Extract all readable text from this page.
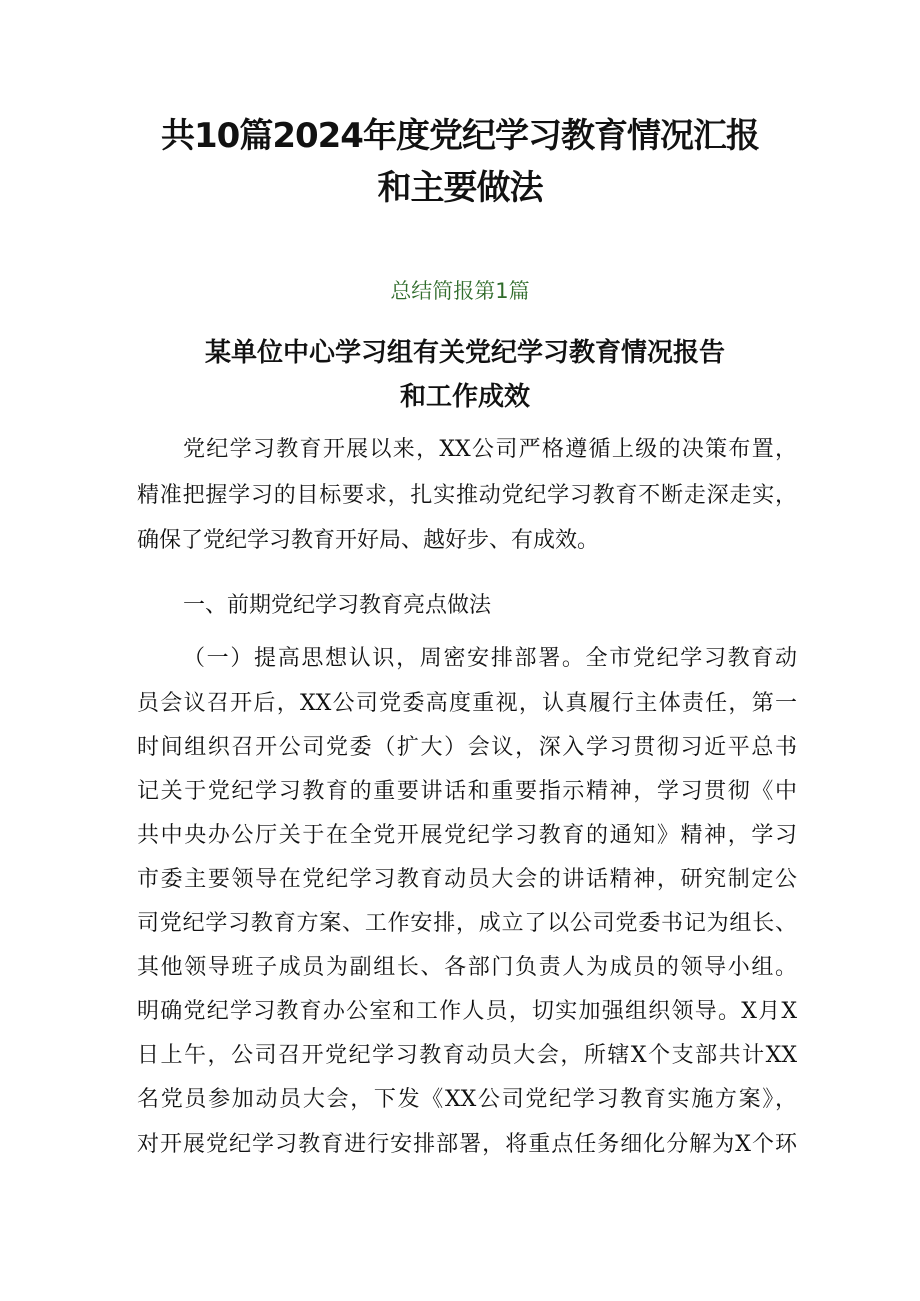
共10篇2024年度党纪学习教育情况汇报
和主要做法
总结简报第1篇
某单位中心学习组有关党纪学习教育情况报告
和工作成效
党纪学习教育开展以来，XX公司严格遵循上级的决策布置，
精准把握学习的目标要求，扎实推动党纪学习教育不断走深走实，
确保了党纪学习教育开好局、越好步、有成效。
一、前期党纪学习教育亮点做法
（一）提高思想认识，周密安排部署。全市党纪学习教育动
员会议召开后，XX公司党委高度重视，认真履行主体责任，第一
时间组织召开公司党委（扩大）会议，深入学习贯彻习近平总书
记关于党纪学习教育的重要讲话和重要指示精神，学习贯彻《中
共中央办公厅关于在全党开展党纪学习教育的通知》精神，学习
市委主要领导在党纪学习教育动员大会的讲话精神，研究制定公
司党纪学习教育方案、工作安排，成立了以公司党委书记为组长、
其他领导班子成员为副组长、各部门负责人为成员的领导小组。
明确党纪学习教育办公室和工作人员，切实加强组织领导。X月X
日上午，公司召开党纪学习教育动员大会，所辖X个支部共计XX
名党员参加动员大会，下发《XX公司党纪学习教育实施方案》，
对开展党纪学习教育进行安排部署，将重点任务细化分解为X个环
